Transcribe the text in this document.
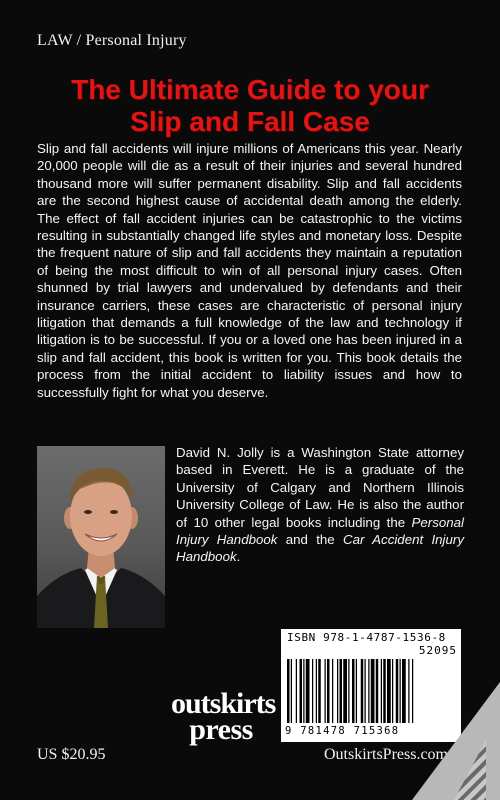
LAW / Personal Injury
The Ultimate Guide to your
Slip and Fall Case
Slip and fall accidents will injure millions of Americans this year. Nearly 20,000 people will die as a result of their injuries and several hundred thousand more will suffer permanent disability. Slip and fall accidents are the second highest cause of accidental death among the elderly. The effect of fall accident injuries can be catastrophic to the victims resulting in substantially changed life styles and monetary loss. Despite the frequent nature of slip and fall accidents they maintain a reputation of being the most difficult to win of all personal injury cases. Often shunned by trial lawyers and undervalued by defendants and their insurance carriers, these cases are characteristic of personal injury litigation that demands a full knowledge of the law and technology if litigation is to be successful. If you or a loved one has been injured in a slip and fall accident, this book is written for you. This book details the process from the initial accident to liability issues and how to successfully fight for what you deserve.
David N. Jolly is a Washington State attorney based in Everett. He is a graduate of the University of Calgary and Northern Illinois University College of Law. He is also the author of 10 other legal books including the Personal Injury Handbook and the Car Accident Injury Handbook.
ISBN 978-1-4787-1536-8
52095
9 781478 715368
outskirts
press
US $20.95	OutskirtsPress.com
